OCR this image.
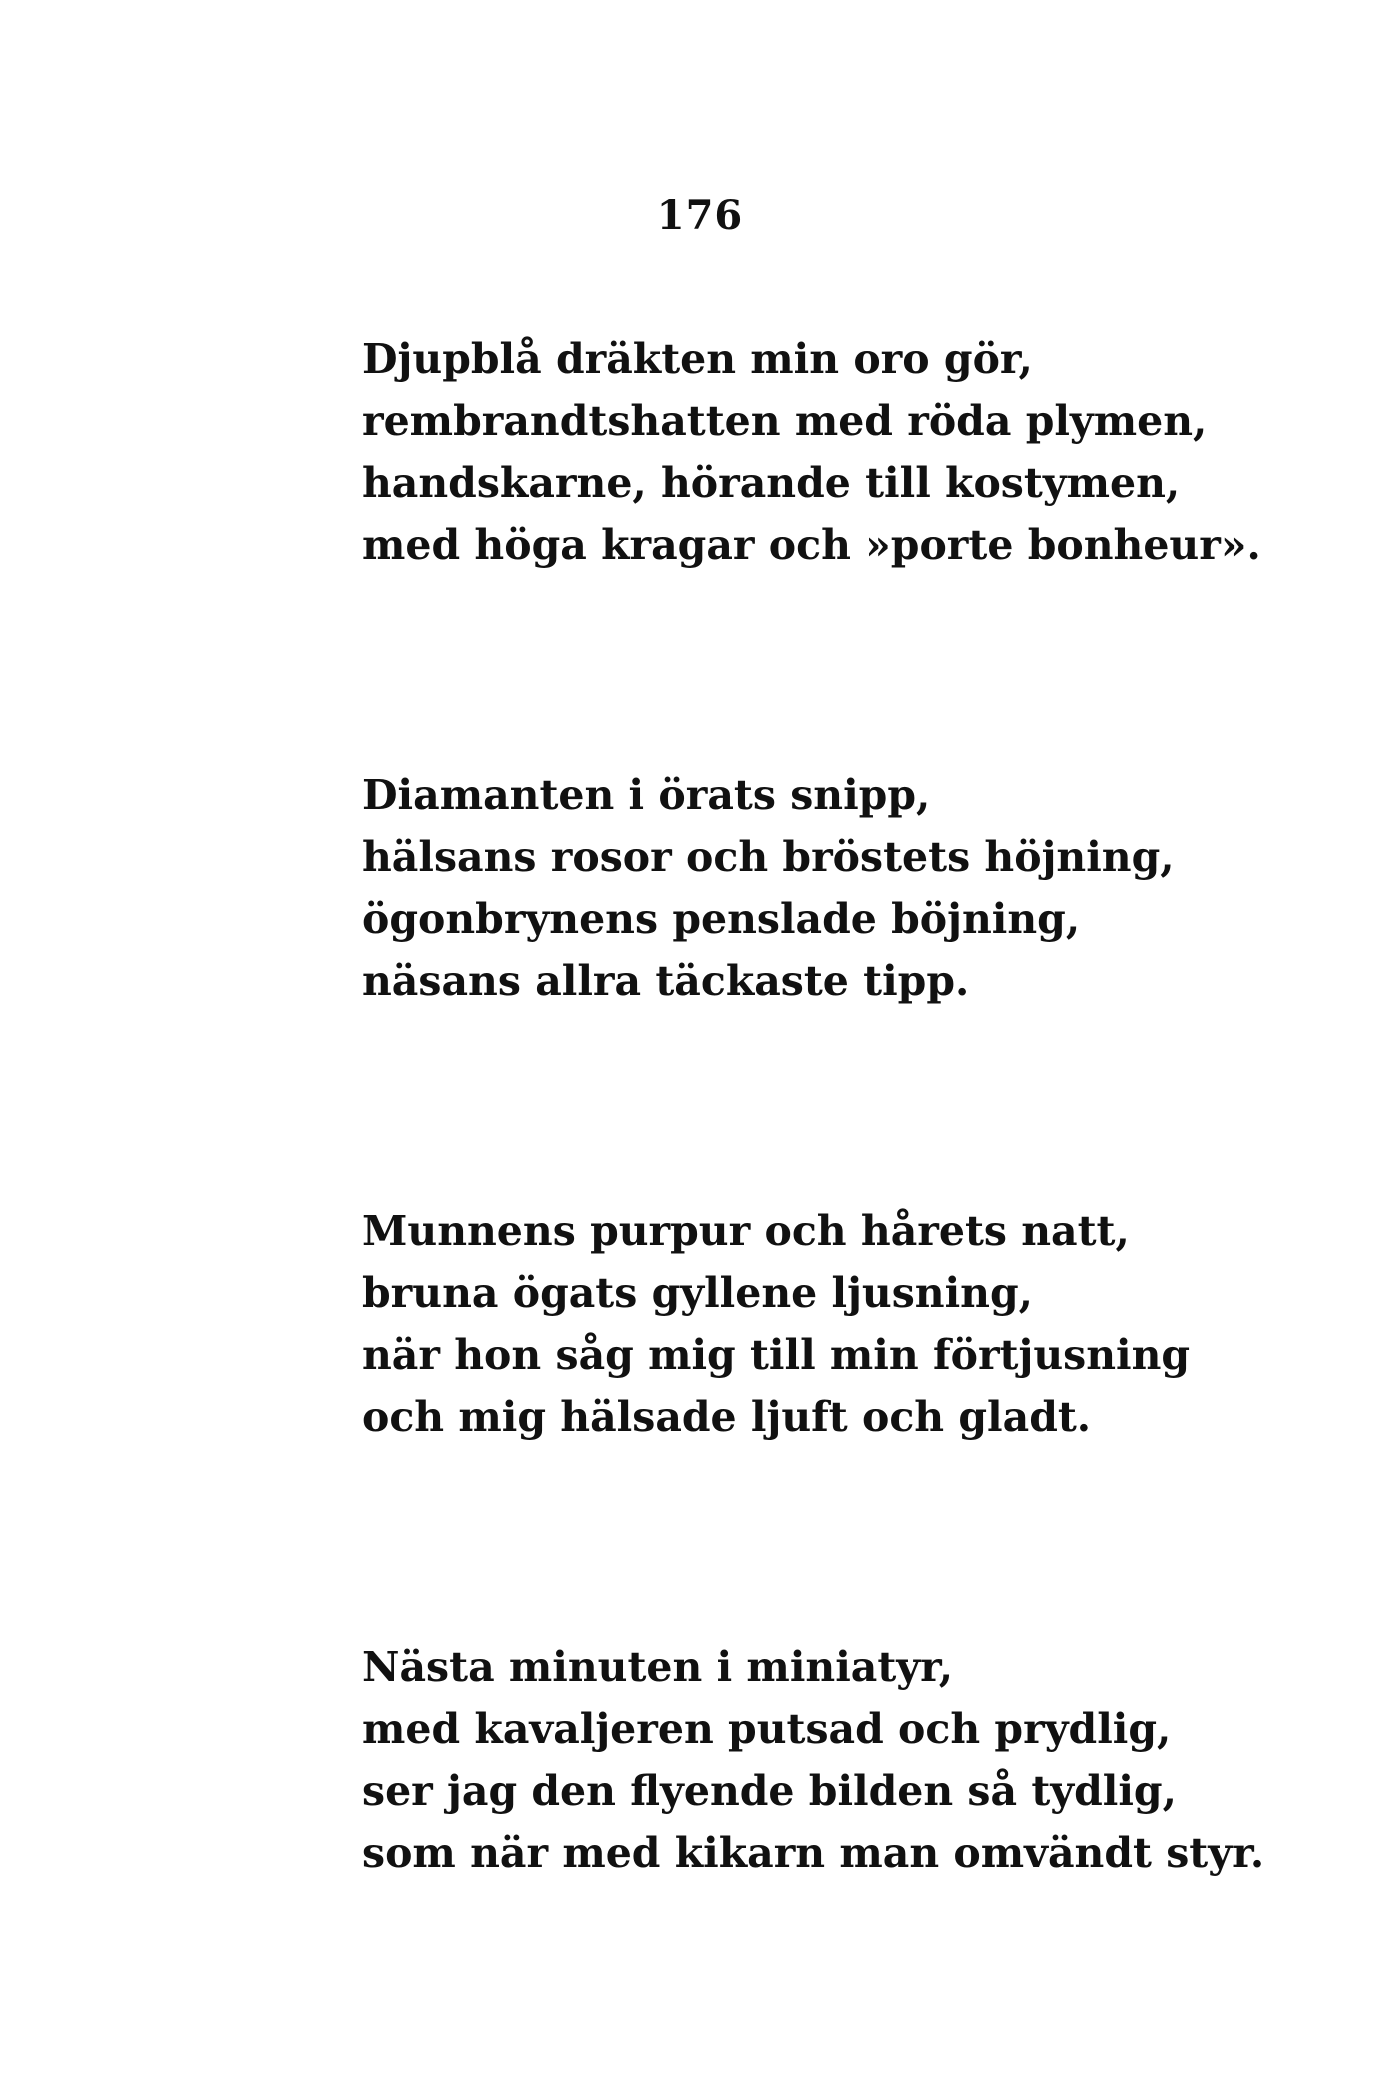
176
Djupblå dräkten min oro gör,
rembrandtshatten med röda plymen,
handskarne, hörande till kostymen,
med höga kragar och »porte bonheur».
Diamanten i örats snipp,
hälsans rosor och bröstets höjning,
ögonbrynens penslade böjning,
näsans allra täckaste tipp.
Munnens purpur och hårets natt,
bruna ögats gyllene ljusning,
när hon såg mig till min förtjusning
och mig hälsade ljuft och gladt.
Nästa minuten i miniatyr,
med kavaljeren putsad och prydlig,
ser jag den flyende bilden så tydlig,
som när med kikarn man omvändt styr.
